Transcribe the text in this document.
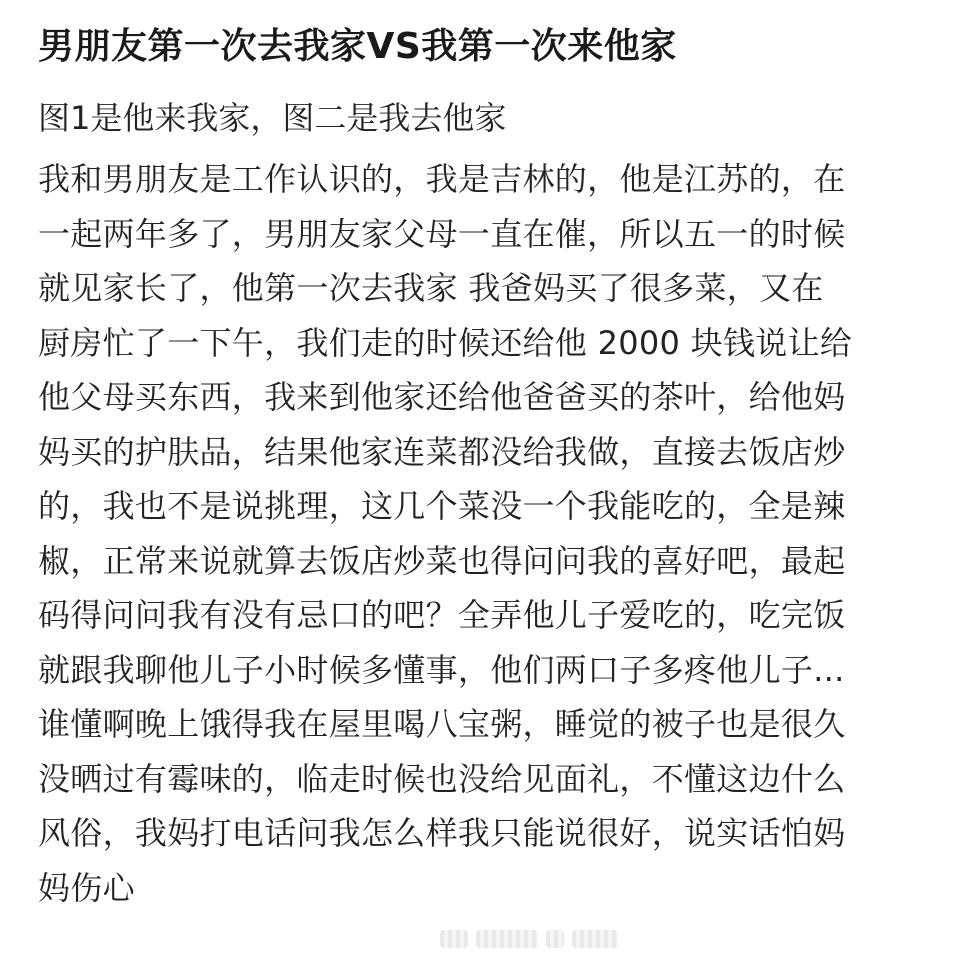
男朋友第一次去我家VS我第一次来他家
图1是他来我家，图二是我去他家
我和男朋友是工作认识的，我是吉林的，他是江苏的，在
一起两年多了，男朋友家父母一直在催，所以五一的时候
就见家长了，他第一次去我家 我爸妈买了很多菜，又在
厨房忙了一下午，我们走的时候还给他 2000 块钱说让给
他父母买东西，我来到他家还给他爸爸买的茶叶，给他妈
妈买的护肤品，结果他家连菜都没给我做，直接去饭店炒
的，我也不是说挑理，这几个菜没一个我能吃的，全是辣
椒，正常来说就算去饭店炒菜也得问问我的喜好吧，最起
码得问问我有没有忌口的吧？全弄他儿子爱吃的，吃完饭
就跟我聊他儿子小时候多懂事，他们两口子多疼他儿子...
谁懂啊晚上饿得我在屋里喝八宝粥，睡觉的被子也是很久
没晒过有霉味的，临走时候也没给见面礼，不懂这边什么
风俗，我妈打电话问我怎么样我只能说很好，说实话怕妈
妈伤心
